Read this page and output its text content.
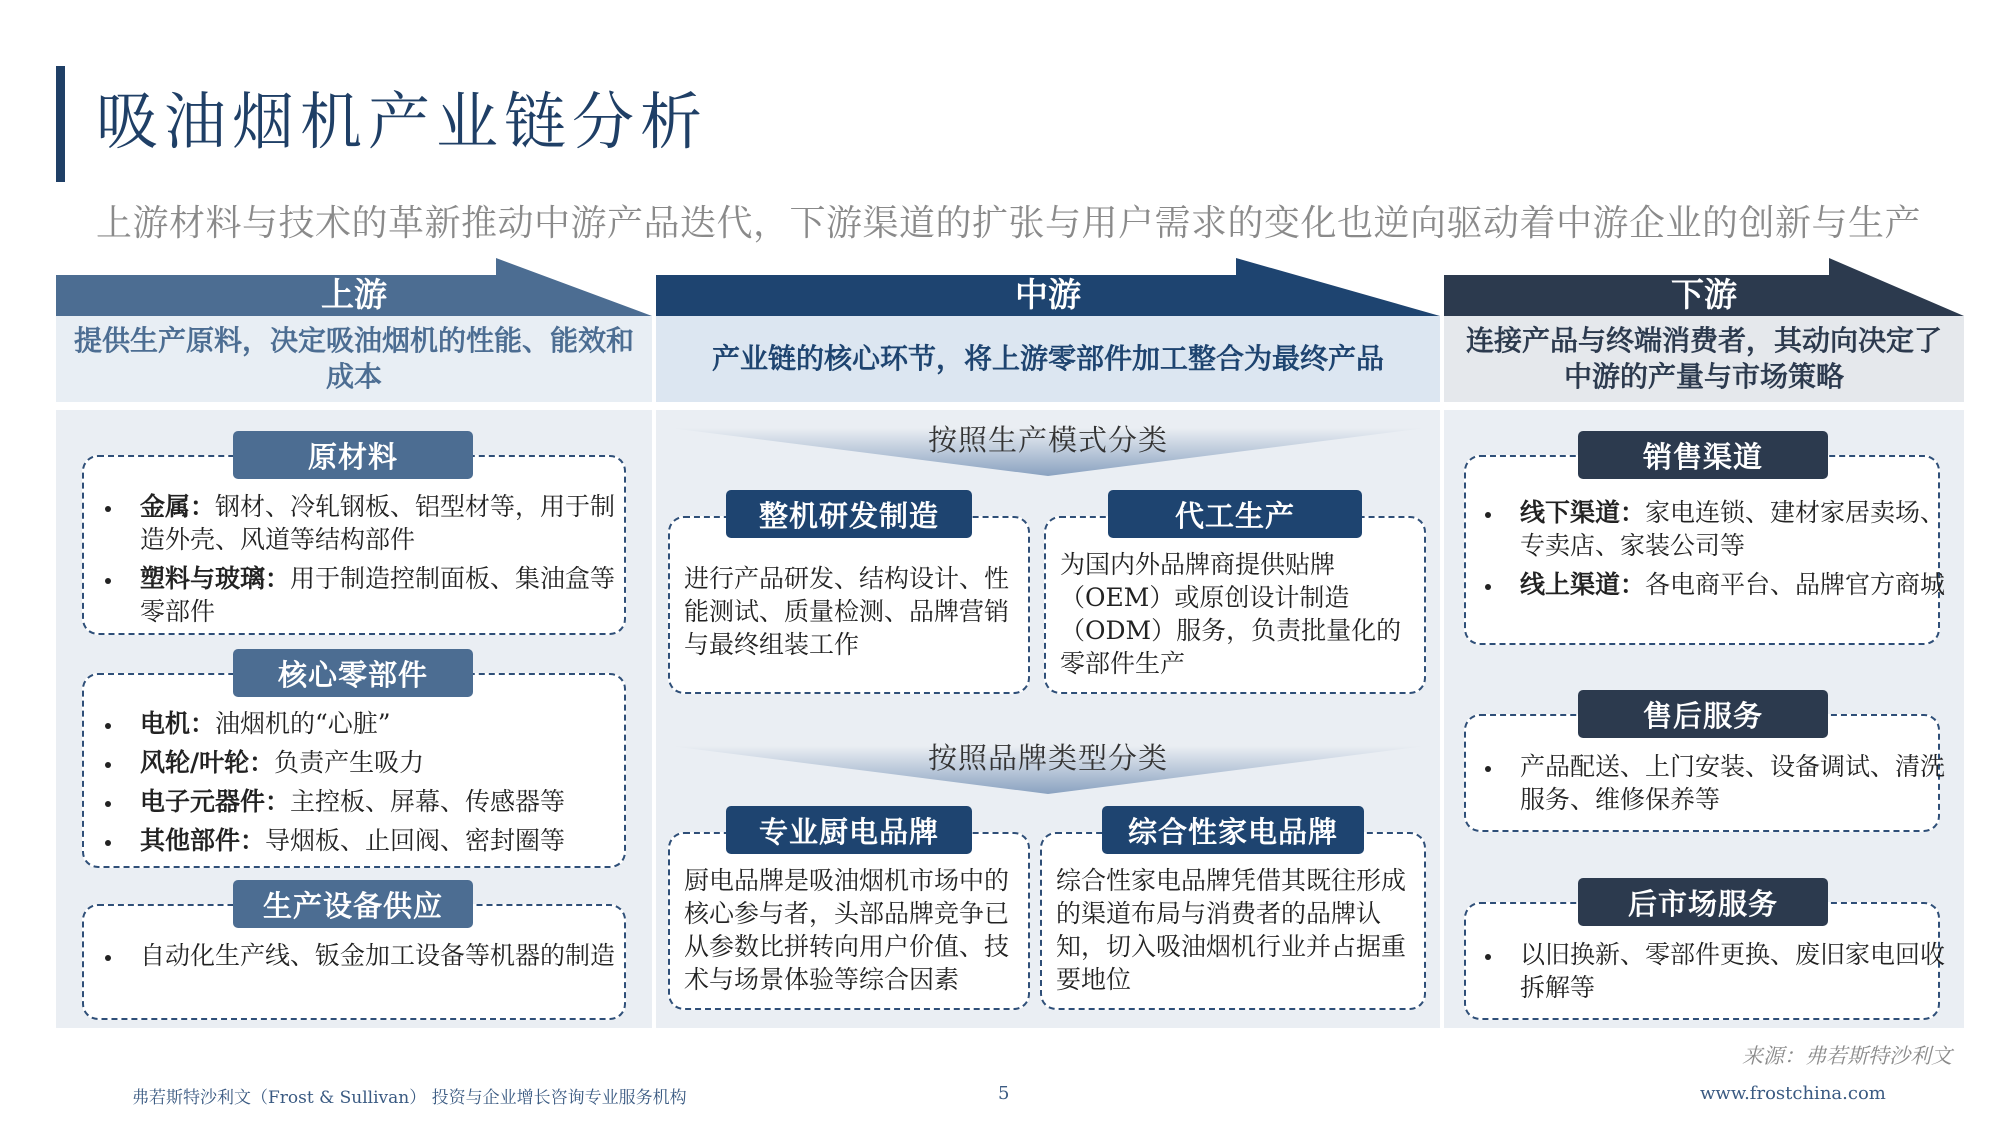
吸油烟机产业链分析
上游材料与技术的革新推动中游产品迭代，下游渠道的扩张与用户需求的变化也逆向驱动着中游企业的创新与生产
上游	中游	下游
提供生产原料，决定吸油烟机的性能、能效和成本
产业链的核心环节，将上游零部件加工整合为最终产品
连接产品与终端消费者，其动向决定了中游的产量与市场策略
原材料
• 金属：钢材、冷轧钢板、铝型材等，用于制造外壳、风道等结构部件
• 塑料与玻璃：用于制造控制面板、集油盒等零部件
核心零部件
• 电机：油烟机的“心脏”
• 风轮/叶轮：负责产生吸力
• 电子元器件：主控板、屏幕、传感器等
• 其他部件：导烟板、止回阀、密封圈等
生产设备供应
• 自动化生产线、钣金加工设备等机器的制造
按照生产模式分类
整机研发制造
进行产品研发、结构设计、性能测试、质量检测、品牌营销与最终组装工作
代工生产
为国内外品牌商提供贴牌（OEM）或原创设计制造（ODM）服务，负责批量化的零部件生产
按照品牌类型分类
专业厨电品牌
厨电品牌是吸油烟机市场中的核心参与者，头部品牌竞争已从参数比拼转向用户价值、技术与场景体验等综合因素
综合性家电品牌
综合性家电品牌凭借其既往形成的渠道布局与消费者的品牌认知，切入吸油烟机行业并占据重要地位
销售渠道
• 线下渠道：家电连锁、建材家居卖场、专卖店、家装公司等
• 线上渠道：各电商平台、品牌官方商城
售后服务
• 产品配送、上门安装、设备调试、清洗服务、维修保养等
后市场服务
• 以旧换新、零部件更换、废旧家电回收拆解等
来源：弗若斯特沙利文
弗若斯特沙利文（Frost & Sullivan） 投资与企业增长咨询专业服务机构	5	www.frostchina.com
